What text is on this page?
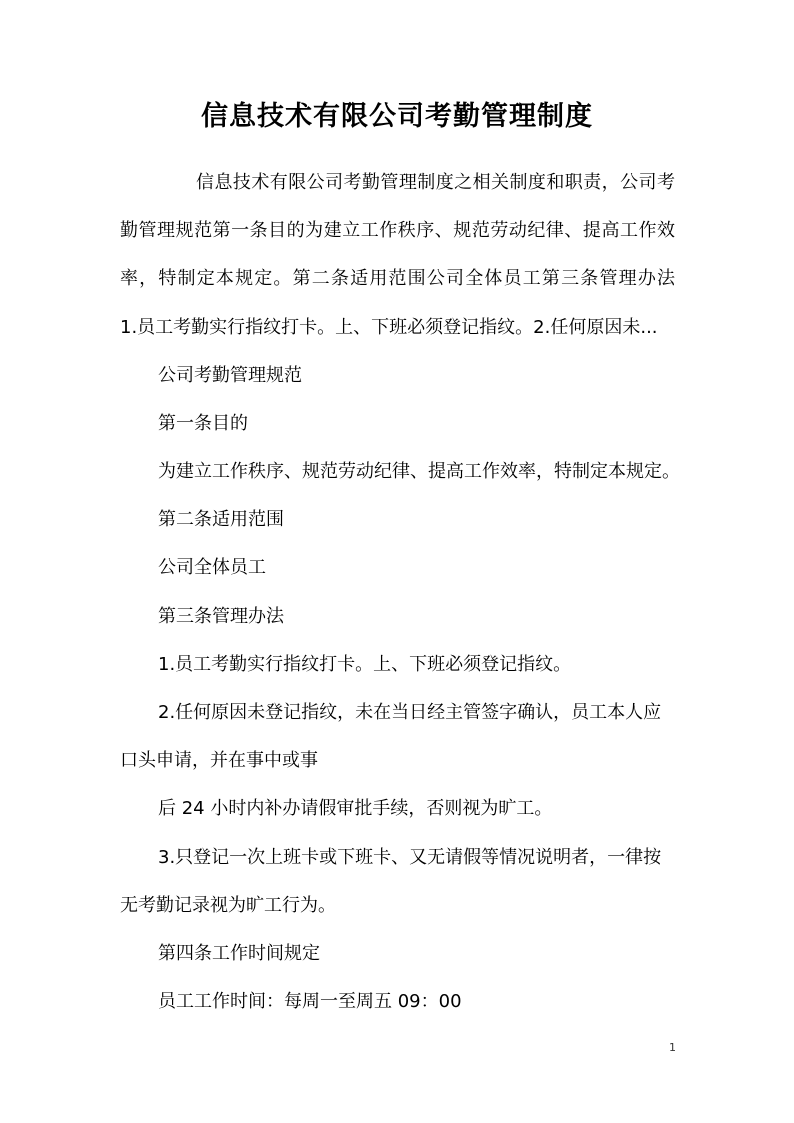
信息技术有限公司考勤管理制度
信息技术有限公司考勤管理制度之相关制度和职责，公司考
勤管理规范第一条目的为建立工作秩序、规范劳动纪律、提高工作效
率，特制定本规定。第二条适用范围公司全体员工第三条管理办法
1.员工考勤实行指纹打卡。上、下班必须登记指纹。2.任何原因未...
公司考勤管理规范
第一条目的
为建立工作秩序、规范劳动纪律、提高工作效率，特制定本规定。
第二条适用范围
公司全体员工
第三条管理办法
1.员工考勤实行指纹打卡。上、下班必须登记指纹。
2.任何原因未登记指纹，未在当日经主管签字确认，员工本人应
口头申请，并在事中或事
后 24 小时内补办请假审批手续，否则视为旷工。
3.只登记一次上班卡或下班卡、又无请假等情况说明者，一律按
无考勤记录视为旷工行为。
第四条工作时间规定
员工工作时间：每周一至周五 09：00
1
